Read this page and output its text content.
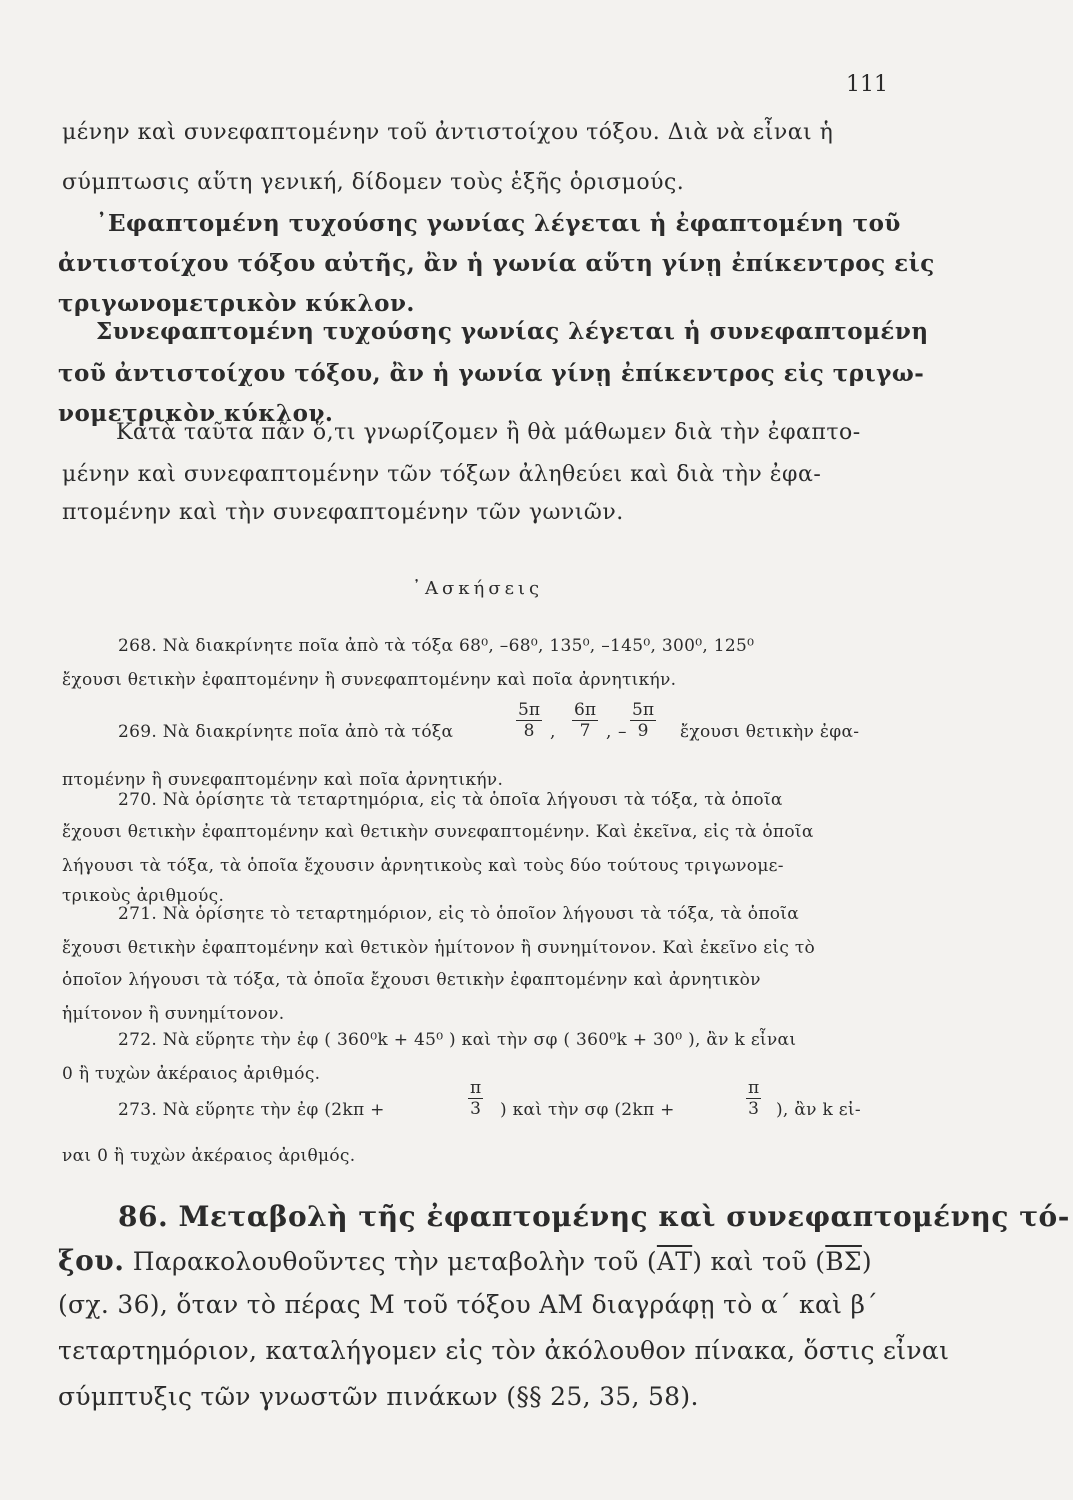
111
μένην καὶ συνεφαπτομένην τοῦ ἀντιστοίχου τόξου. Διὰ νὰ εἶναι ἡ
σύμπτωσις αὕτη γενική, δίδομεν τοὺς ἑξῆς ὁρισμούς.
᾿Εφαπτομένη τυχούσης γωνίας λέγεται ἡ ἐφαπτομένη τοῦ
ἀντιστοίχου τόξου αὐτῆς, ἂν ἡ γωνία αὕτη γίνῃ ἐπίκεντρος εἰς
τριγωνομετρικὸν κύκλον.
Συνεφαπτομένη τυχούσης γωνίας λέγεται ἡ συνεφαπτομένη
τοῦ ἀντιστοίχου τόξου, ἂν ἡ γωνία γίνῃ ἐπίκεντρος εἰς τριγω-
νομετρικὸν κύκλον.
Κατὰ ταῦτα πᾶν ὅ,τι γνωρίζομεν ἢ θὰ μάθωμεν διὰ τὴν ἐφαπτο-
μένην καὶ συνεφαπτομένην τῶν τόξων ἀληθεύει καὶ διὰ τὴν ἐφα-
πτομένην καὶ τὴν συνεφαπτομένην τῶν γωνιῶν.
᾿Ασκήσεις
268. Νὰ διακρίνητε ποῖα ἀπὸ τὰ τόξα 68⁰, –68⁰, 135⁰, –145⁰, 300⁰, 125⁰
ἔχουσι θετικὴν ἐφαπτομένην ἢ συνεφαπτομένην καὶ ποῖα ἀρνητικήν.
269. Νὰ διακρίνητε ποῖα ἀπὸ τὰ τόξα	$\frac{5\pi}{8}$ , $\frac{6\pi}{7}$ , – $\frac{5\pi}{9}$ ἔχουσι θετικὴν ἐφα-
πτομένην ἢ συνεφαπτομένην καὶ ποῖα ἀρνητικήν.
270. Νὰ ὁρίσητε τὰ τεταρτημόρια, εἰς τὰ ὁποῖα λήγουσι τὰ τόξα, τὰ ὁποῖα
ἔχουσι θετικὴν ἐφαπτομένην καὶ θετικὴν συνεφαπτομένην. Καὶ ἐκεῖνα, εἰς τὰ ὁποῖα
λήγουσι τὰ τόξα, τὰ ὁποῖα ἔχουσιν ἀρνητικοὺς καὶ τοὺς δύο τούτους τριγωνομε-
τρικοὺς ἀριθμούς.
271. Νὰ ὁρίσητε τὸ τεταρτημόριον, εἰς τὸ ὁποῖον λήγουσι τὰ τόξα, τὰ ὁποῖα
ἔχουσι θετικὴν ἐφαπτομένην καὶ θετικὸν ἡμίτονον ἢ συνημίτονον. Καὶ ἐκεῖνο εἰς τὸ
ὁποῖον λήγουσι τὰ τόξα, τὰ ὁποῖα ἔχουσι θετικὴν ἐφαπτομένην καὶ ἀρνητικὸν
ἡμίτονον ἢ συνημίτονον.
272. Νὰ εὕρητε τὴν ἐφ ( 360⁰k + 45⁰ ) καὶ τὴν σφ ( 360⁰k + 30⁰ ), ἂν k εἶναι
0 ἢ τυχὼν ἀκέραιος ἀριθμός.
273. Νὰ εὕρητε τὴν ἐφ (2kπ +	$\frac{\pi}{3}$ ) καὶ τὴν σφ (2kπ +	$\frac{\pi}{3}$ ), ἂν k εἰ-
ναι 0 ἢ τυχὼν ἀκέραιος ἀριθμός.
86. Μεταβολὴ τῆς ἐφαπτομένης καὶ συνεφαπτομένης τό-
ξου. Παρακολουθοῦντες τὴν μεταβολὴν τοῦ $(\overline{AT})$ καὶ τοῦ $(\overline{B\Sigma})$
(σχ. 36), ὅταν τὸ πέρας Μ τοῦ τόξου ΑΜ διαγράφῃ τὸ α΄ καὶ β΄
τεταρτημόριον, καταλήγομεν εἰς τὸν ἀκόλουθον πίνακα, ὅστις εἶναι
σύμπτυξις τῶν γνωστῶν πινάκων (§§ 25, 35, 58).
